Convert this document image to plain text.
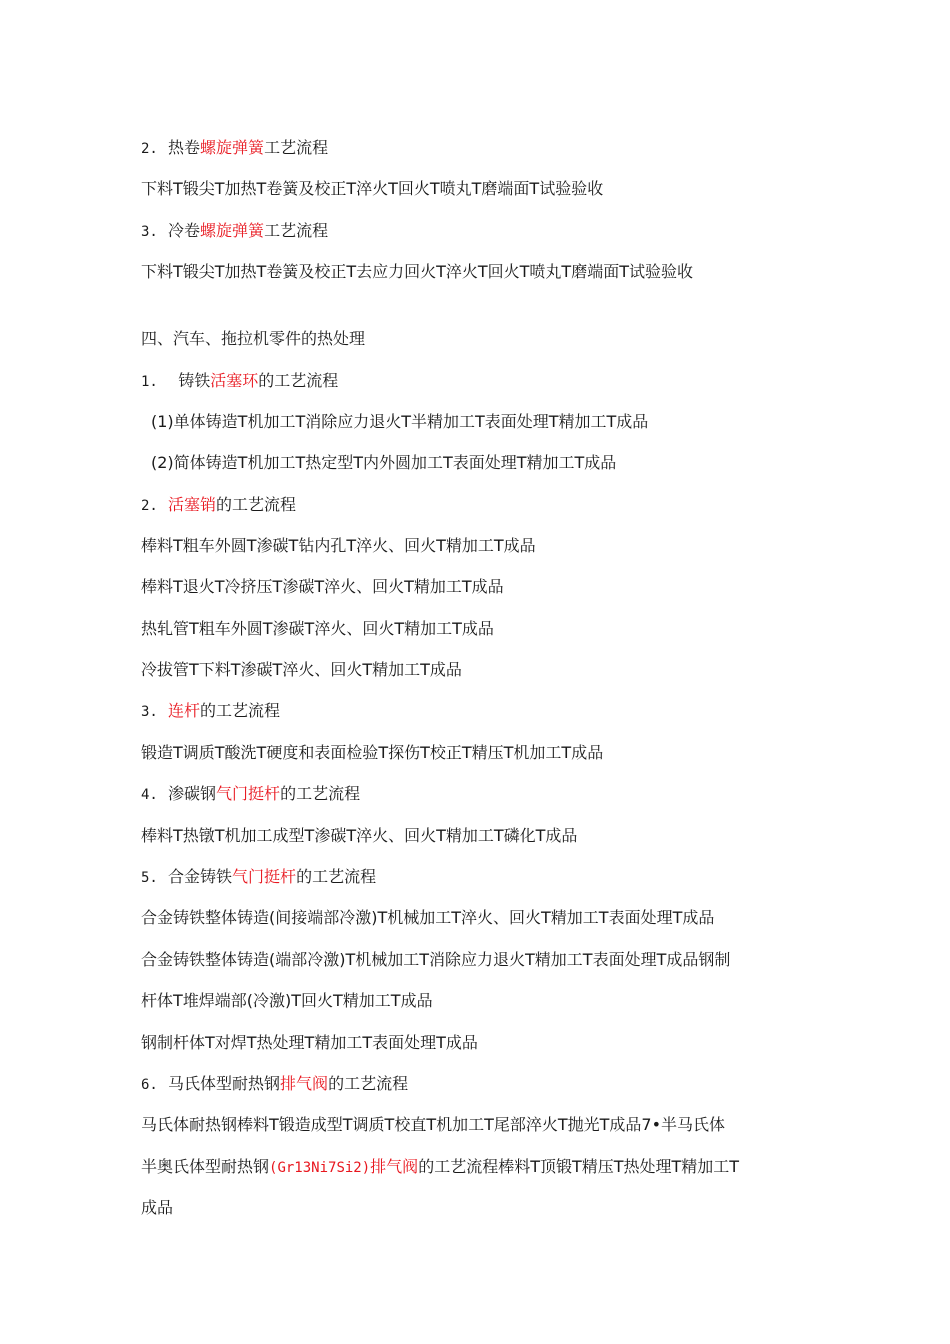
2. 热卷螺旋弹簧工艺流程

下料T锻尖T加热T卷簧及校正T淬火T回火T喷丸T磨端面T试验验收

3. 冷卷螺旋弹簧工艺流程

下料T锻尖T加热T卷簧及校正T去应力回火T淬火T回火T喷丸T磨端面T试验验收

四、汽车、拖拉机零件的热处理

1. 铸铁活塞环的工艺流程

(1)单体铸造T机加工T消除应力退火T半精加工T表面处理T精加工T成品

(2)简体铸造T机加工T热定型T内外圆加工T表面处理T精加工T成品

2. 活塞销的工艺流程

棒料T粗车外圆T渗碳T钻内孔T淬火、回火T精加工T成品

棒料T退火T冷挤压T渗碳T淬火、回火T精加工T成品

热轧管T粗车外圆T渗碳T淬火、回火T精加工T成品

冷拔管T下料T渗碳T淬火、回火T精加工T成品

3. 连杆的工艺流程

锻造T调质T酸洗T硬度和表面检验T探伤T校正T精压T机加工T成品

4. 渗碳钢气门挺杆的工艺流程

棒料T热镦T机加工成型T渗碳T淬火、回火T精加工T磷化T成品

5. 合金铸铁气门挺杆的工艺流程

合金铸铁整体铸造(间接端部冷激)T机械加工T淬火、回火T精加工T表面处理T成品

合金铸铁整体铸造(端部冷激)T机械加工T消除应力退火T精加工T表面处理T成品钢制

杆体T堆焊端部(冷激)T回火T精加工T成品

钢制杆体T对焊T热处理T精加工T表面处理T成品

6. 马氏体型耐热钢排气阀的工艺流程

马氏体耐热钢棒料T锻造成型T调质T校直T机加工T尾部淬火T抛光T成品7•半马氏体

半奥氏体型耐热钢(Gr13Ni7Si2)排气阀的工艺流程棒料T顶锻T精压T热处理T精加工T

成品
